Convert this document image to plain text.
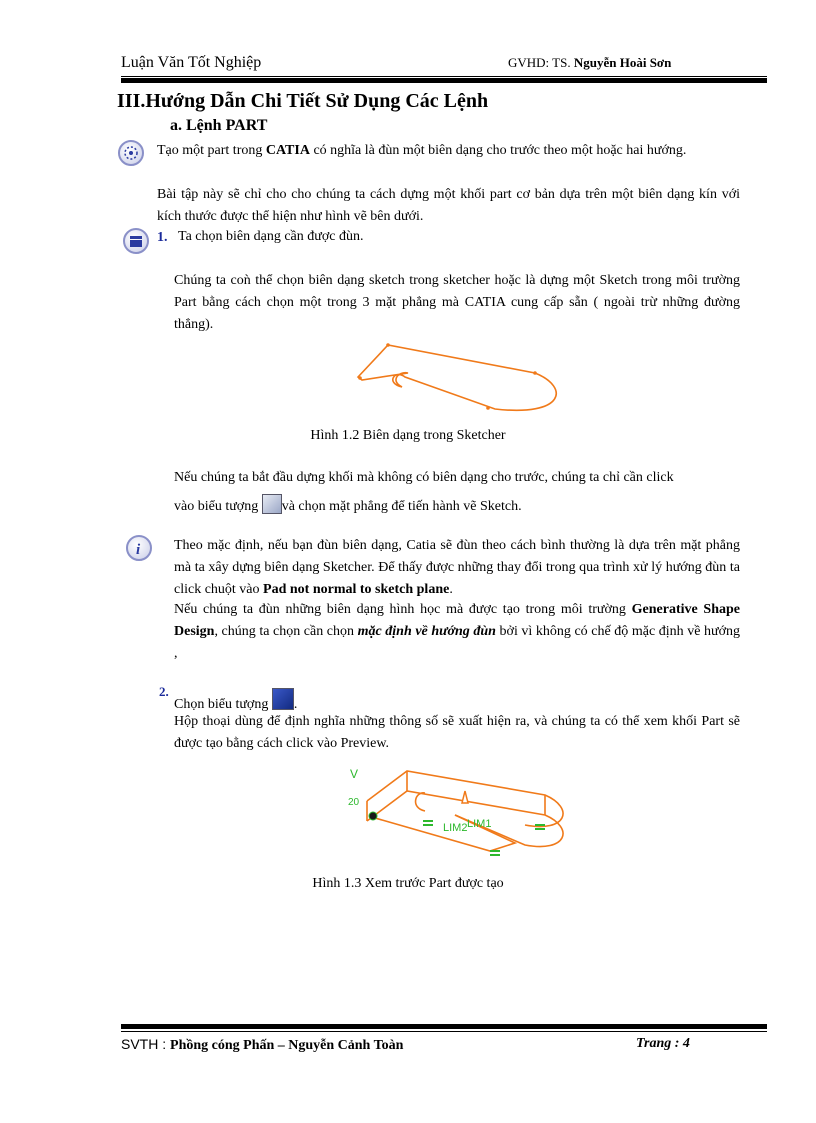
Luận Văn Tốt Nghiệp	GVHD: TS. Nguyễn Hoài Sơn
III.Hướng Dẫn Chi Tiết Sử Dụng Các Lệnh
a. Lệnh PART
Tạo một part trong CATIA có nghĩa là đùn một biên dạng cho trước theo một hoặc hai hướng.
Bài tập này sẽ chỉ cho cho chúng ta cách dựng một khối part cơ bản dựa trên một biên dạng kín với kích thước được thể hiện như hình vẽ bên dưới.
1. Ta chọn biên dạng cần được đùn.
Chúng ta coǹ thể chọn biên dạng sketch trong sketcher hoặc là dựng một Sketch trong môi trường Part bằng cách chọn một trong 3 mặt phẳng mà CATIA cung cấp sẵn ( ngoài trừ những đường thẳng).
Hình 1.2 Biên dạng trong Sketcher
Nếu chúng ta bắt đầu dựng khối mà không có biên dạng cho trước, chúng ta chỉ cần click
vào biểu tượng và chọn mặt phẳng để tiến hành vẽ Sketch.
i Theo mặc định, nếu bạn đùn biên dạng, Catia sẽ đùn theo cách bình thường là dựa trên mặt phẳng mà ta xây dựng biên dạng Sketcher. Để thấy được những thay đổi trong qua trình xử lý hướng đùn ta click chuột vào Pad not normal to sketch plane.
Nếu chúng ta đùn những biên dạng hình học mà được tạo trong môi trường Generative Shape Design, chúng ta chọn cần chọn mặc định về hướng đùn bởi vì không có chế độ mặc định về hướng ,
2.
Chọn biểu tượng .
Hộp thoại dùng để định nghĩa những thông số sẽ xuất hiện ra, và chúng ta có thể xem khối Part sẽ được tạo bằng cách click vào Preview.
LIM1
LIM2
V
20
Hình 1.3 Xem trước Part được tạo
SVTH : Phồng cóng Phấn – Nguyễn Cảnh Toàn	Trang : 4
